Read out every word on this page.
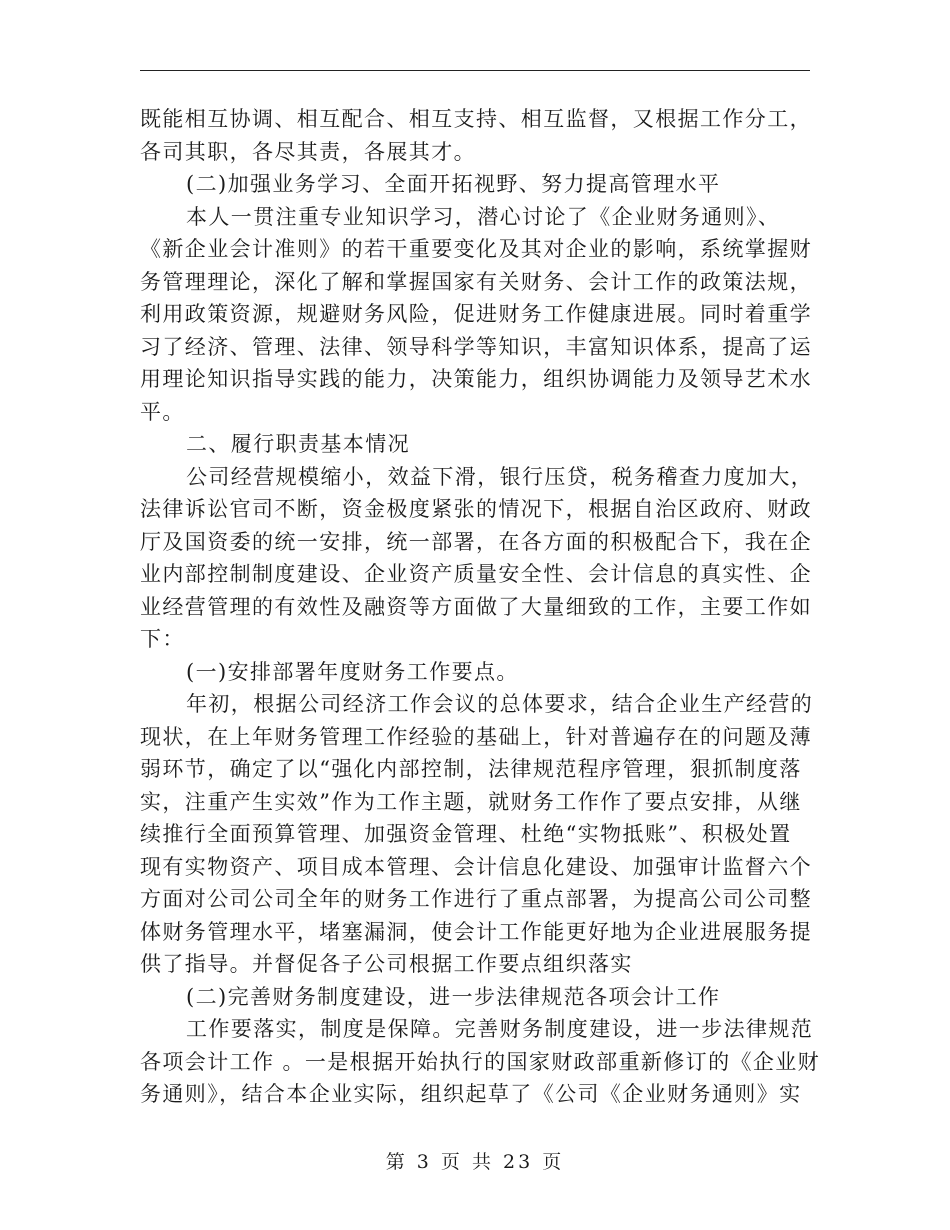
既能相互协调、相互配合、相互支持、相互监督，又根据工作分工，
各司其职，各尽其责，各展其才。
(二)加强业务学习、全面开拓视野、努力提高管理水平
本人一贯注重专业知识学习，潜心讨论了《企业财务通则》、
《新企业会计准则》的若干重要变化及其对企业的影响，系统掌握财
务管理理论，深化了解和掌握国家有关财务、会计工作的政策法规，
利用政策资源，规避财务风险，促进财务工作健康进展。同时着重学
习了经济、管理、法律、领导科学等知识，丰富知识体系，提高了运
用理论知识指导实践的能力，决策能力，组织协调能力及领导艺术水
平。
二、履行职责基本情况
公司经营规模缩小，效益下滑，银行压贷，税务稽查力度加大，
法律诉讼官司不断，资金极度紧张的情况下，根据自治区政府、财政
厅及国资委的统一安排，统一部署，在各方面的积极配合下，我在企
业内部控制制度建设、企业资产质量安全性、会计信息的真实性、企
业经营管理的有效性及融资等方面做了大量细致的工作，主要工作如
下：
(一)安排部署年度财务工作要点。
年初，根据公司经济工作会议的总体要求，结合企业生产经营的
现状，在上年财务管理工作经验的基础上，针对普遍存在的问题及薄
弱环节，确定了以“强化内部控制，法律规范程序管理，狠抓制度落
实，注重产生实效”作为工作主题，就财务工作作了要点安排，从继
续推行全面预算管理、加强资金管理、杜绝“实物抵账”、积极处置
现有实物资产、项目成本管理、会计信息化建设、加强审计监督六个
方面对公司公司全年的财务工作进行了重点部署，为提高公司公司整
体财务管理水平，堵塞漏洞，使会计工作能更好地为企业进展服务提
供了指导。并督促各子公司根据工作要点组织落实
(二)完善财务制度建设，进一步法律规范各项会计工作
工作要落实，制度是保障。完善财务制度建设，进一步法律规范
各项会计工作 。一是根据开始执行的国家财政部重新修订的《企业财
务通则》，结合本企业实际，组织起草了《公司《企业财务通则》实
第 3 页 共 23 页
